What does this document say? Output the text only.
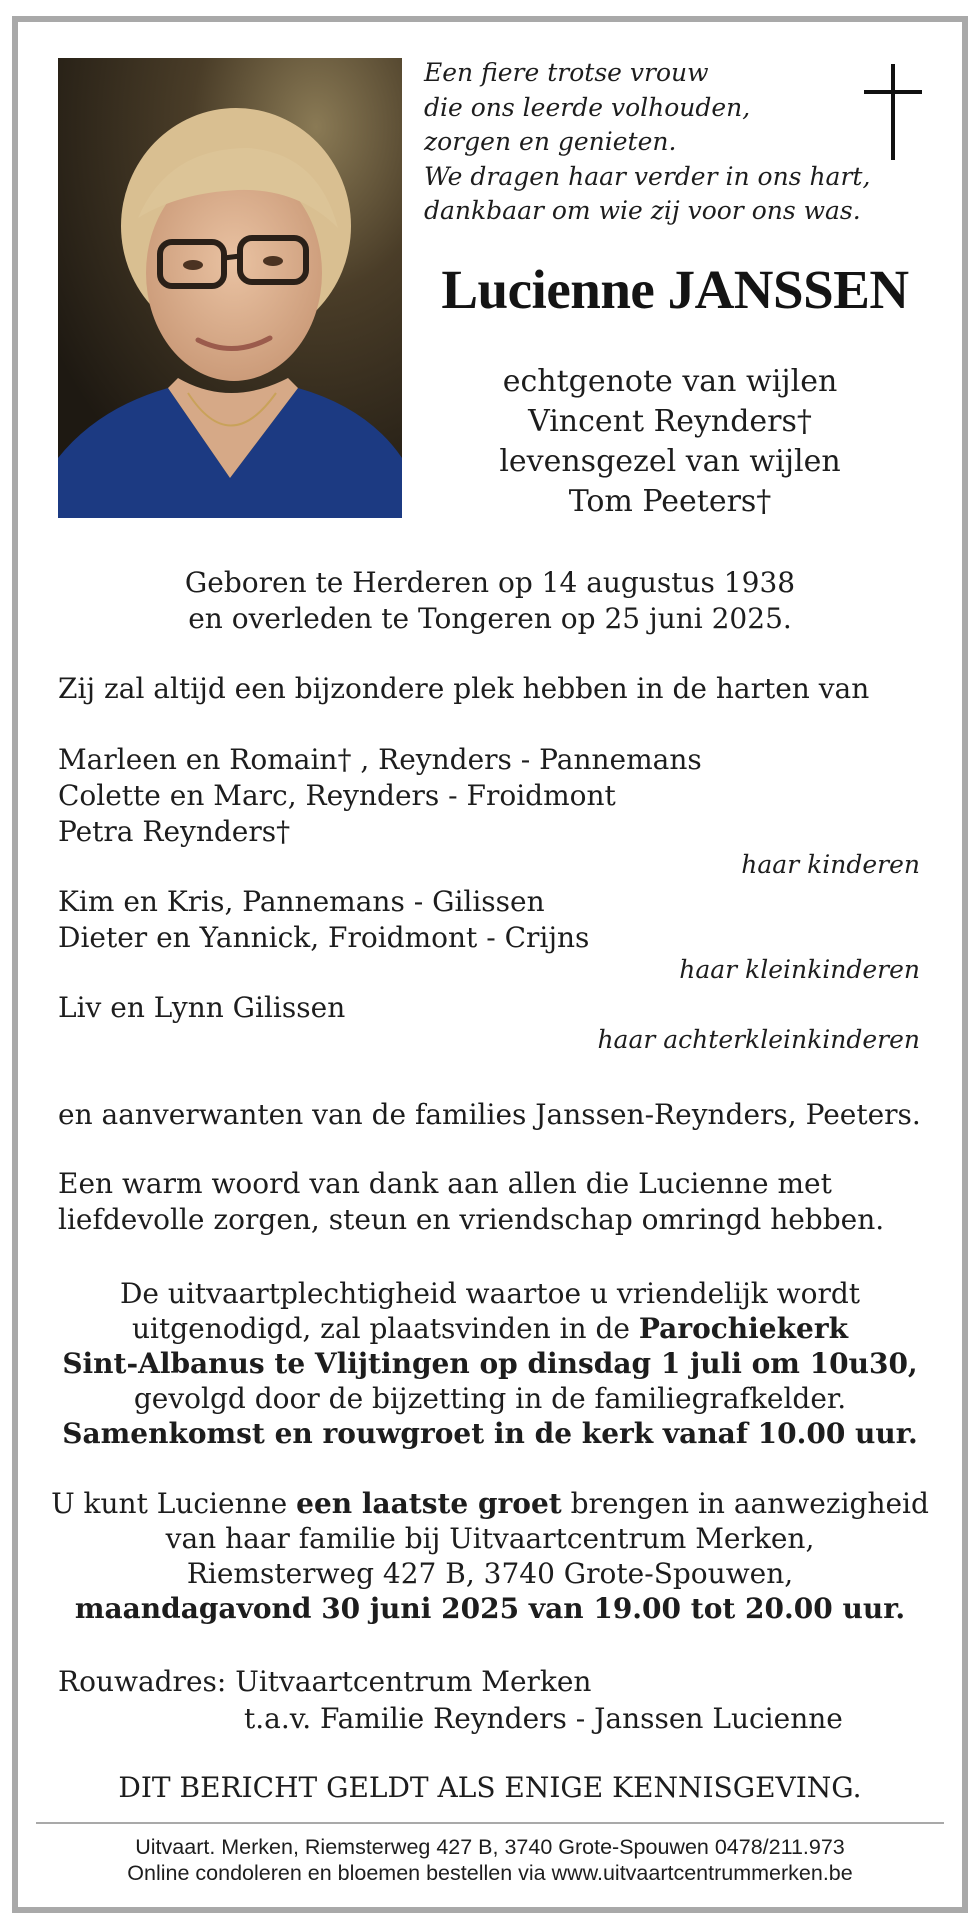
Een fiere trotse vrouw
die ons leerde volhouden,
zorgen en genieten.
We dragen haar verder in ons hart,
dankbaar om wie zij voor ons was.
Lucienne JANSSEN
echtgenote van wijlen
Vincent Reynders†
levensgezel van wijlen
Tom Peeters†
Geboren te Herderen op 14 augustus 1938
en overleden te Tongeren op 25 juni 2025.
Zij zal altijd een bijzondere plek hebben in de harten van
Marleen en Romain† , Reynders - Pannemans
Colette en Marc, Reynders - Froidmont
Petra Reynders†
haar kinderen
Kim en Kris, Pannemans - Gilissen
Dieter en Yannick, Froidmont - Crijns
haar kleinkinderen
Liv en Lynn Gilissen
haar achterkleinkinderen
en aanverwanten van de families Janssen-Reynders, Peeters.
Een warm woord van dank aan allen die Lucienne met
liefdevolle zorgen, steun en vriendschap omringd hebben.
De uitvaartplechtigheid waartoe u vriendelijk wordt
uitgenodigd, zal plaatsvinden in de Parochiekerk
Sint-Albanus te Vlijtingen op dinsdag 1 juli om 10u30,
gevolgd door de bijzetting in de familiegrafkelder.
Samenkomst en rouwgroet in de kerk vanaf 10.00 uur.
U kunt Lucienne een laatste groet brengen in aanwezigheid
van haar familie bij Uitvaartcentrum Merken,
Riemsterweg 427 B, 3740 Grote-Spouwen,
maandagavond 30 juni 2025 van 19.00 tot 20.00 uur.
Rouwadres: Uitvaartcentrum Merken
t.a.v. Familie Reynders - Janssen Lucienne
DIT BERICHT GELDT ALS ENIGE KENNISGEVING.
Uitvaart. Merken, Riemsterweg 427 B, 3740 Grote-Spouwen 0478/211.973
Online condoleren en bloemen bestellen via www.uitvaartcentrummerken.be
